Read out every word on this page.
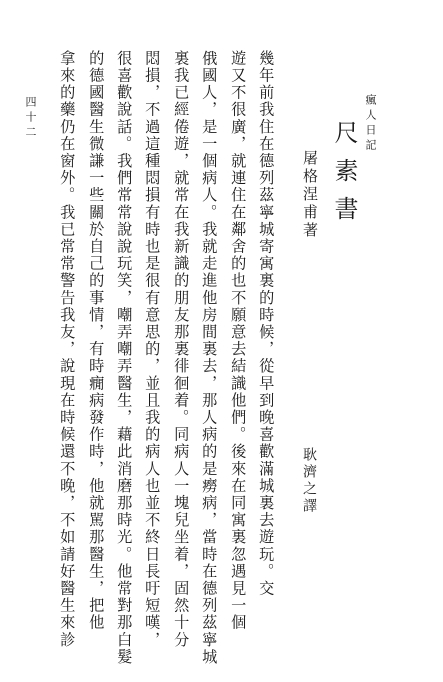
瘋人日記
尺素書
屠格涅甫著
耿濟之譯
幾年前我住在德列茲寧城寄寓裏的時候，從早到晚喜歡滿城裏去遊玩。交
遊又不很廣，就連住在鄰舍的也不願意去結識他們。後來在同寓裏忽遇見一個
俄國人，是一個病人。我就走進他房間裏去，那人病的是癆病，當時在德列茲寧城
裏我已經倦遊，就常在我新識的朋友那裏徘徊着。同病人一塊兒坐着，固然十分
悶損，不過這種悶損有時也是很有意思的，並且我的病人也並不終日長吁短嘆，
很喜歡說話。我們常常說說玩笑，嘲弄嘲弄醫生，藉此消磨那時光。他常對那白髮
的德國醫生微謙一些關於自己的事情，有時癇病發作時，他就駡那醫生，把他
拿來的藥仍在窗外。我已常常警告我友，說現在時候還不晚，不如請好醫生來診
四十二
